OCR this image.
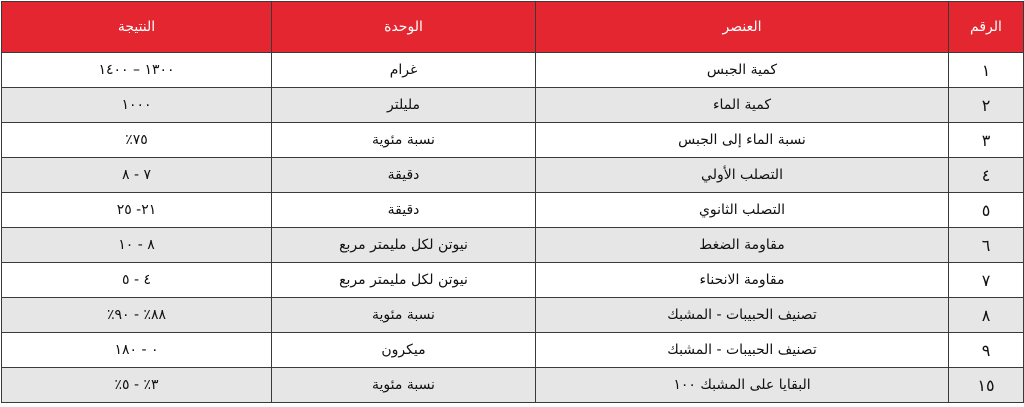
الرقم	العنصر	الوحدة	النتيجة
١	كمية الجبس	غرام	١٣٠٠ – ١٤٠٠
٢	كمية الماء	مليلتر	١٠٠٠
٣	نسبة الماء إلى الجبس	نسبة مئوية	٧٥٪
٤	التصلب الأولي	دقيقة	٧ - ٨
٥	التصلب الثانوي	دقيقة	٢١- ٢٥
٦	مقاومة الضغط	نيوتن لكل مليمتر مربع	٨ - ١٠
٧	مقاومة الانحناء	نيوتن لكل مليمتر مربع	٤ - ٥
٨	تصنيف الحبيبات - المشبك	نسبة مئوية	٨٨٪ - ٩٠٪
٩	تصنيف الحبيبات - المشبك	ميكرون	٠ - ١٨٠
١٥	البقايا على المشبك ١٠٠	نسبة مئوية	٣٪ - ٥٪
